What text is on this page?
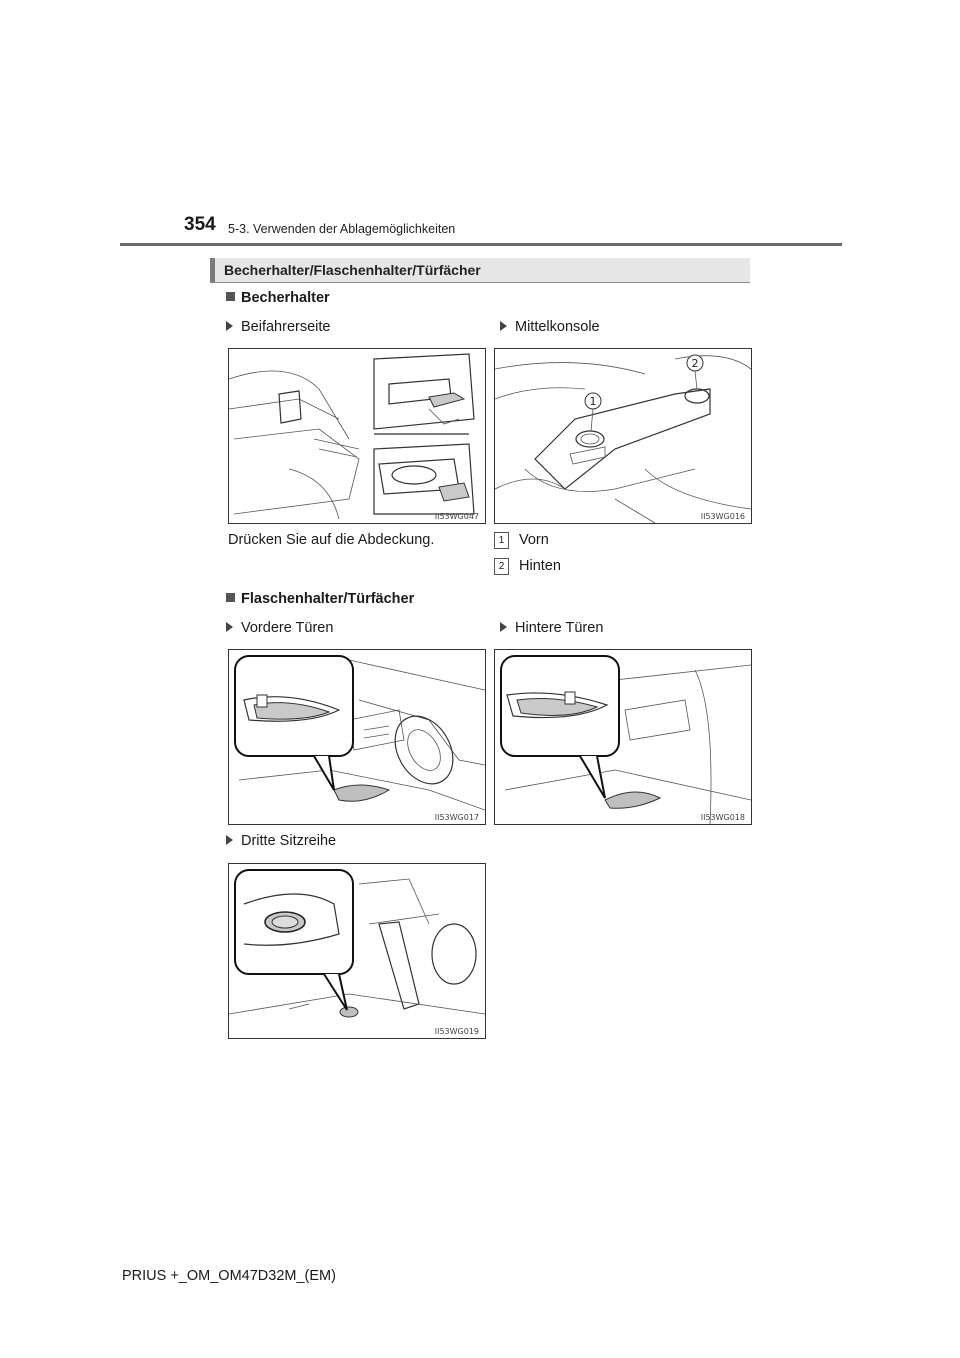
354 5-3. Verwenden der Ablagemöglichkeiten
Becherhalter/Flaschenhalter/Türfächer
Becherhalter
Beifahrerseite	Mittelkonsole
II53WG047
1
2
II53WG016
Drücken Sie auf die Abdeckung.	1 Vorn
2 Hinten
Flaschenhalter/Türfächer
Vordere Türen	Hintere Türen
II53WG017	II53WG018
Dritte Sitzreihe
II53WG019
PRIUS +_OM_OM47D32M_(EM)
